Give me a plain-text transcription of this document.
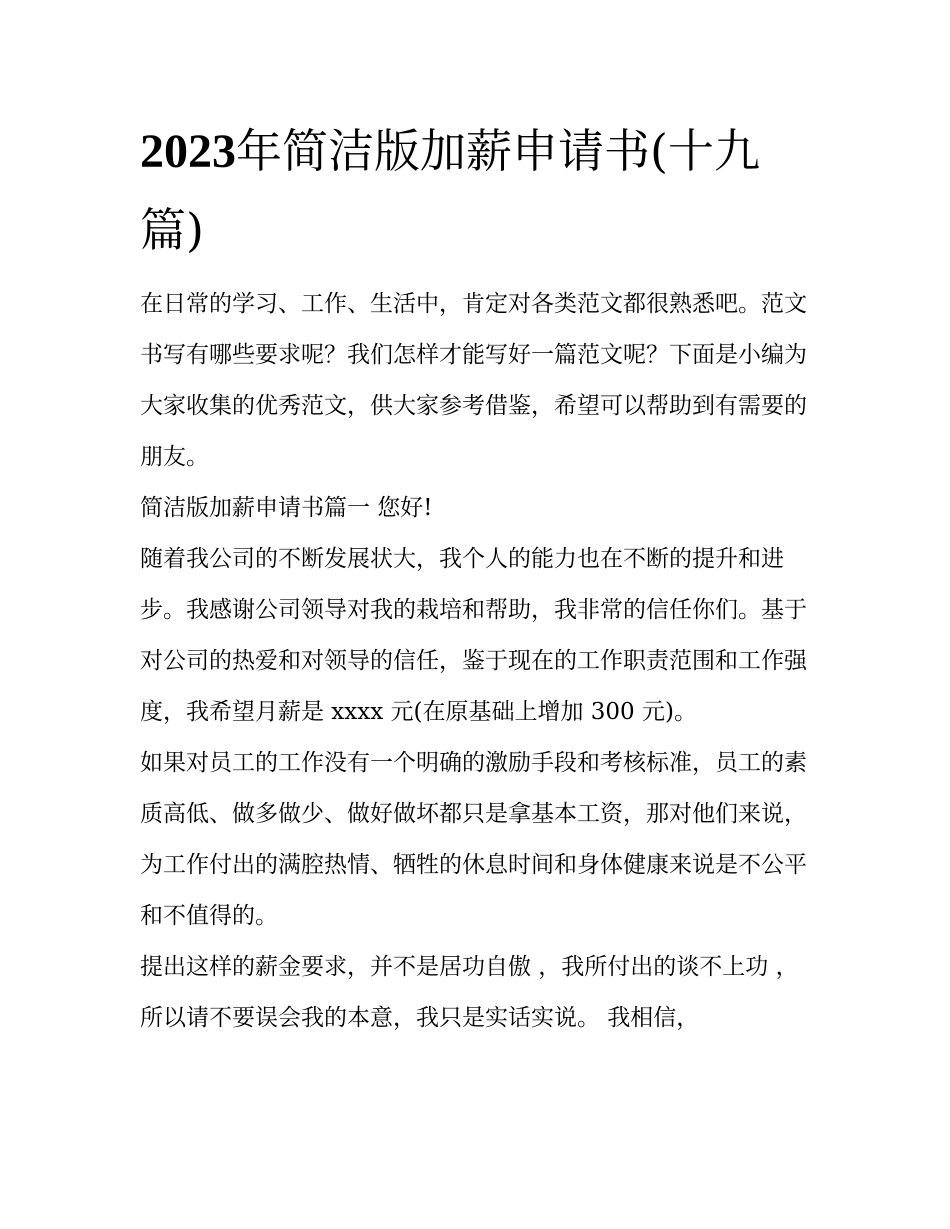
2023年简洁版加薪申请书(十九篇)

在日常的学习、工作、生活中，肯定对各类范文都很熟悉吧。范文书写有哪些要求呢？我们怎样才能写好一篇范文呢？下面是小编为大家收集的优秀范文，供大家参考借鉴，希望可以帮助到有需要的朋友。

简洁版加薪申请书篇一 您好!

随着我公司的不断发展状大，我个人的能力也在不断的提升和进步。我感谢公司领导对我的栽培和帮助，我非常的信任你们。基于对公司的热爱和对领导的信任，鉴于现在的工作职责范围和工作强度，我希望月薪是 xxxx 元(在原基础上增加 300 元)。

如果对员工的工作没有一个明确的激励手段和考核标准，员工的素质高低、做多做少、做好做坏都只是拿基本工资，那对他们来说，为工作付出的满腔热情、牺牲的休息时间和身体健康来说是不公平和不值得的。

提出这样的薪金要求，并不是居功自傲 ，我所付出的谈不上功 ，所以请不要误会我的本意，我只是实话实说。 我相信，
